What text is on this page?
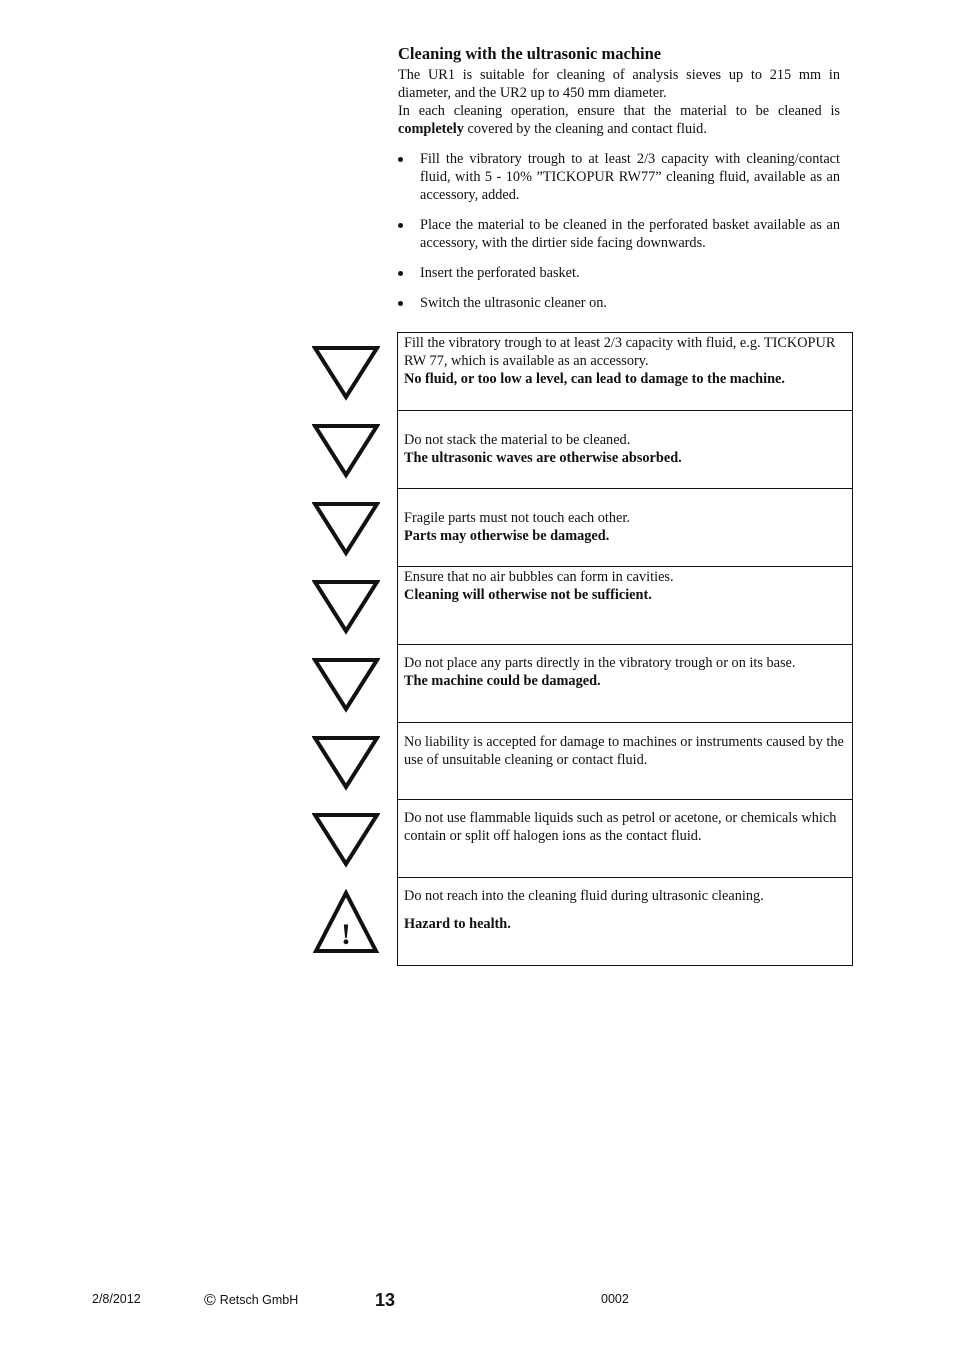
Cleaning with the ultrasonic machine

The UR1 is suitable for cleaning of analysis sieves up to 215 mm in diameter, and the UR2 up to 450 mm diameter.

In each cleaning operation, ensure that the material to be cleaned is completely covered by the cleaning and contact fluid.

Fill the vibratory trough to at least 2/3 capacity with cleaning/contact fluid, with 5 - 10% ”TICKOPUR RW77” cleaning fluid, available as an accessory, added.
Place the material to be cleaned in the perforated basket available as an accessory, with the dirtier side facing downwards.
Insert the perforated basket.
Switch the ultrasonic cleaner on.

Fill the vibratory trough to at least 2/3 capacity with fluid, e.g. TICKOPUR RW 77, which is available as an accessory.

No fluid, or too low a level, can lead to damage to the machine.

Do not stack the material to be cleaned.

The ultrasonic waves are otherwise absorbed.

Fragile parts must not touch each other.

Parts may otherwise be damaged.

Ensure that no air bubbles can form in cavities.

Cleaning will otherwise not be sufficient.

Do not place any parts directly in the vibratory trough or on its base.

The machine could be damaged.

No liability is accepted for damage to machines or instruments caused by the use of unsuitable cleaning or contact fluid.

Do not use flammable liquids such as petrol or acetone, or chemicals which contain or split off halogen ions as the contact fluid.

!

Do not reach into the cleaning fluid during ultrasonic cleaning.

Hazard to health.

2/8/2012	© Retsch GmbH	13	0002
